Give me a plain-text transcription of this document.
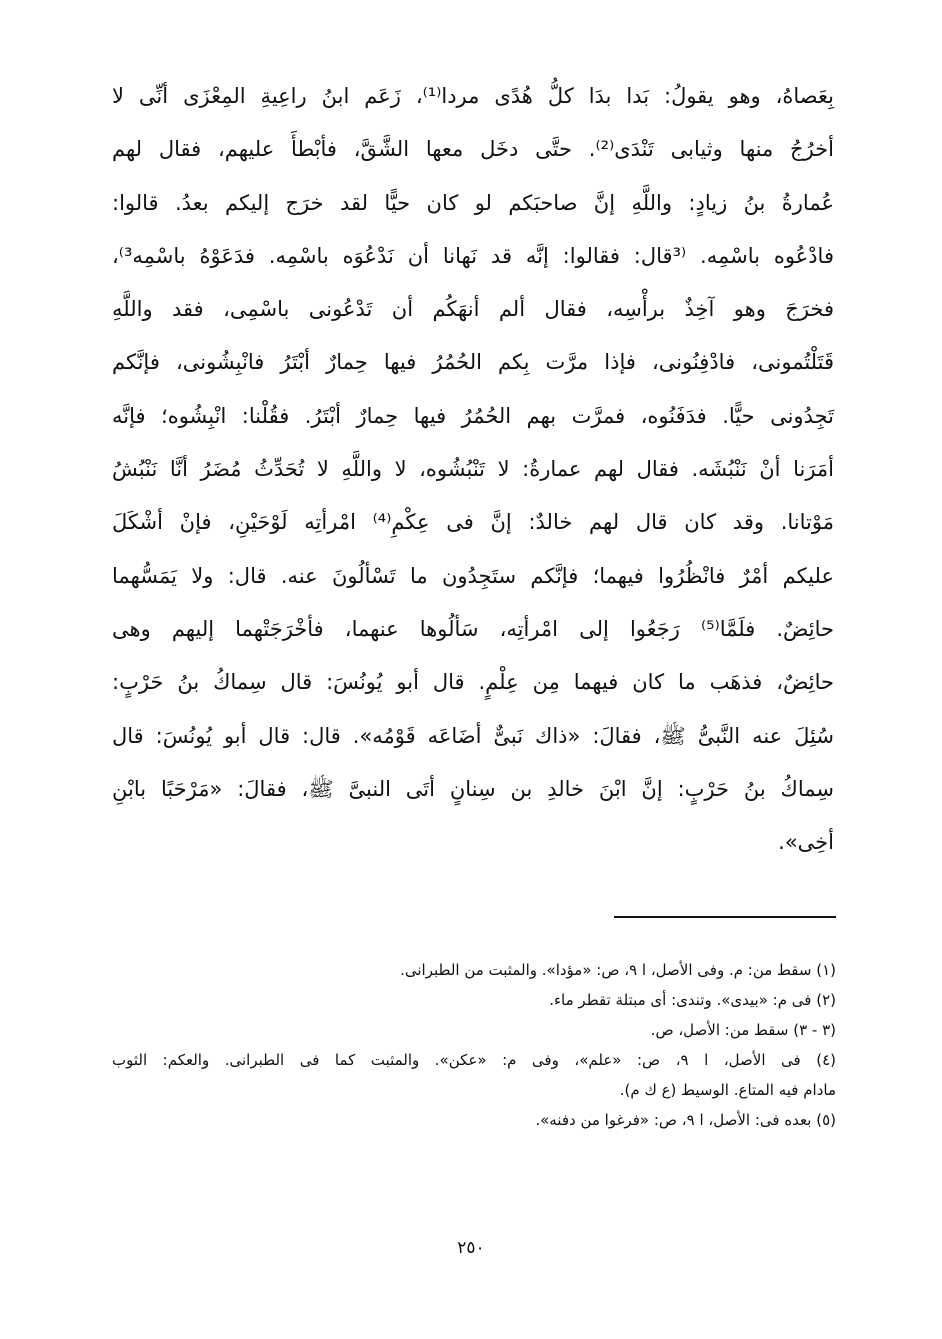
بِعَصاهُ، وهو يقولُ: بَدا بدَا كلُّ هُدًى مردا⁽¹⁾، زَعَم ابنُ راعِيةِ المِعْزَى أنِّى لا
أخرُجُ منها وثيابى تَنْدَى⁽²⁾. حتَّى دخَل معها الشَّقَّ، فأبْطأَ عليهم، فقال لهم
عُمارةُ بنُ زيادٍ: واللَّهِ إنَّ صاحبَكم لو كان حيًّا لقد خرَج إليكم بعدُ. قالوا:
فادْعُوه باسْمِه. ⁽³قال: فقالوا: إنَّه قد نَهانا أن نَدْعُوَه باسْمِه. فدَعَوْهُ باسْمِه³⁾،
فخرَجَ وهو آخِذٌ برأْسِه، فقال ألم أنهَكُم أن تَدْعُونى باسْمِى، فقد واللَّهِ
قَتَلْتُمونى، فادْفِنُونى، فإذا مرَّت بِكم الحُمُرُ فيها حِمارٌ أبْتَرُ فانْبِشُونى، فإنَّكم
تَجِدُونى حيًّا. فدَفَنُوه، فمرَّت بهم الحُمُرُ فيها حِمارٌ أبْتَرُ. فقُلْنا: انْبِشُوه؛ فإنَّه
أمَرَنا أنْ نَنْبُشَه. فقال لهم عمارةُ: لا تَنْبُشُوه، لا واللَّهِ لا تُحَدِّثُ مُضَرُ أنَّا نَنْبُشُ
مَوْتانا. وقد كان قال لهم خالدٌ: إنَّ فى عِكْمِ⁽⁴⁾ امْرأتِه لَوْحَيْنِ، فإنْ أشْكَلَ
عليكم أمْرٌ فانْظُرُوا فيهما؛ فإنَّكم ستَجِدُون ما تَسْألُونَ عنه. قال: ولا يَمَسُّهما
حائِضٌ. فلَمَّا⁽⁵⁾ رَجَعُوا إلى امْرأتِه، سَألُوها عنهما، فأخْرَجَتْهما إليهم وهى
حائِضٌ، فذهَب ما كان فيهما مِن عِلْمٍ. قال أبو يُونُسَ: قال سِماكُ بنُ حَرْبٍ:
سُئِلَ عنه النَّبىُّ ﷺ، فقالَ: «ذاك نَبىٌّ أضَاعَه قَوْمُه». قال: قال أبو يُونُسَ: قال
سِماكُ بنُ حَرْبٍ: إنَّ ابْنَ خالدِ بن سِنانٍ أتَى النبىَّ ﷺ، فقالَ: «مَرْحَبًا بابْنِ
أخِى».
(١) سقط من: م. وفى الأصل، ا ٩، ص: «مؤدا». والمثبت من الطبرانى.
(٢) فى م: «بيدى». وتندى: أى مبتلة تقطر ماء.
(٣ - ٣) سقط من: الأصل، ص.
(٤) فى الأصل، ا ٩، ص: «علم»، وفى م: «عكن». والمثبت كما فى الطبرانى. والعكم: الثوب
مادام فيه المتاع. الوسيط (ع ك م).
(٥) بعده فى: الأصل، ا ٩، ص: «فرغوا من دفنه».
٢٥٠
